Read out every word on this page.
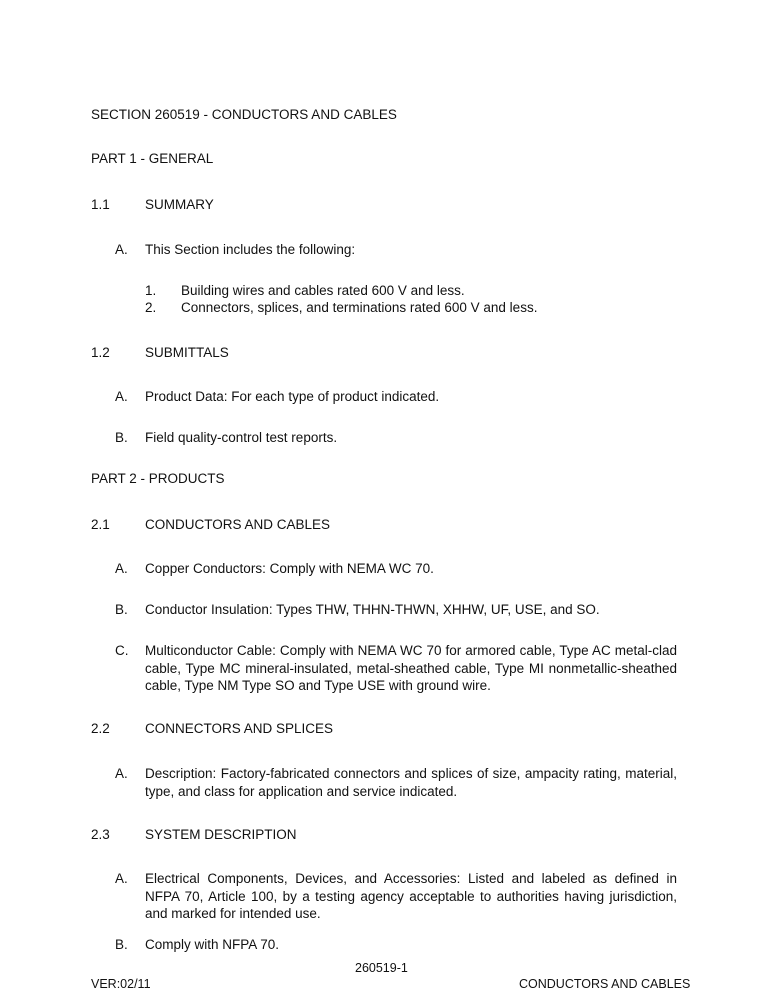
SECTION 260519 - CONDUCTORS AND CABLES
PART 1 - GENERAL
1.1	SUMMARY
A. This Section includes the following:
1. Building wires and cables rated 600 V and less.
2. Connectors, splices, and terminations rated 600 V and less.
1.2	SUBMITTALS
A. Product Data: For each type of product indicated.
B. Field quality-control test reports.
PART 2 - PRODUCTS
2.1	CONDUCTORS AND CABLES
A. Copper Conductors: Comply with NEMA WC 70.
B. Conductor Insulation: Types THW, THHN-THWN, XHHW, UF, USE, and SO.
C. Multiconductor Cable: Comply with NEMA WC 70 for armored cable, Type AC metal-clad cable, Type MC mineral-insulated, metal-sheathed cable, Type MI nonmetallic-sheathed cable, Type NM Type SO and Type USE with ground wire.
2.2	CONNECTORS AND SPLICES
A. Description: Factory-fabricated connectors and splices of size, ampacity rating, material, type, and class for application and service indicated.
2.3	SYSTEM DESCRIPTION
A. Electrical Components, Devices, and Accessories: Listed and labeled as defined in NFPA 70, Article 100, by a testing agency acceptable to authorities having jurisdiction, and marked for intended use.
B. Comply with NFPA 70.
260519-1
CONDUCTORS AND CABLES
VER:02/11
